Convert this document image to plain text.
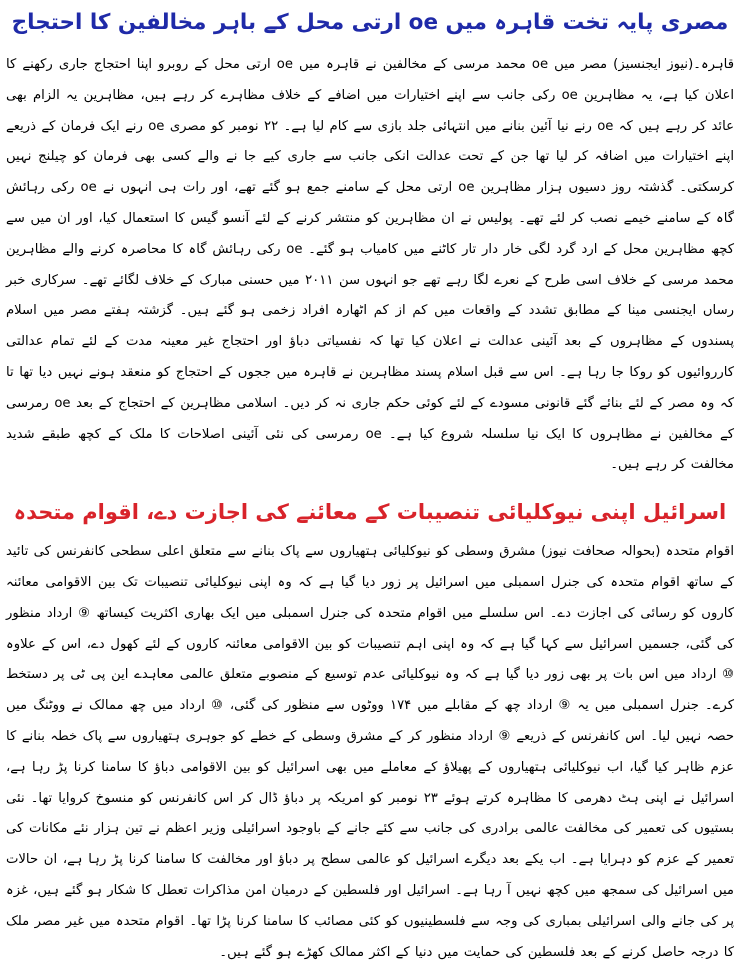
مصری پایہ تخت قاہرہ میں oe ارتی محل کے باہر مخالفین کا احتجاج

قاہرہ۔(نیوز ایجنسیز) مصر میں oe محمد مرسی کے مخالفین نے قاہرہ میں oe ارتی محل کے روبرو اپنا احتجاج جاری رکھنے کا اعلان کیا ہے، یہ مظاہرین oe رکی جانب سے اپنے اختیارات میں اضافے کے خلاف مظاہرے کر رہے ہیں، مظاہرین یہ الزام بھی عائد کر رہے ہیں کہ oe رنے نیا آئین بنانے میں انتہائی جلد بازی سے کام لیا ہے۔ ۲۲ نومبر کو مصری oe رنے ایک فرمان کے ذریعے اپنے اختیارات میں اضافہ کر لیا تھا جن کے تحت عدالت انکی جانب سے جاری کیے جا نے والے کسی بھی فرمان کو چیلنج نہیں کرسکتی۔ گذشتہ روز دسیوں ہزار مظاہرین oe ارتی محل کے سامنے جمع ہو گئے تھے، اور رات ہی انہوں نے oe رکی رہائش گاہ کے سامنے خیمے نصب کر لئے تھے۔ پولیس نے ان مظاہرین کو منتشر کرنے کے لئے آنسو گیس کا استعمال کیا، اور ان میں سے کچھ مظاہرین محل کے ارد گرد لگی خار دار تار کاٹنے میں کامیاب ہو گئے۔ oe رکی رہائش گاہ کا محاصرہ کرنے والے مظاہرین محمد مرسی کے خلاف اسی طرح کے نعرے لگا رہے تھے جو انہوں سن ۲۰۱۱ میں حسنی مبارک کے خلاف لگائے تھے۔ سرکاری خبر رساں ایجنسی مینا کے مطابق تشدد کے واقعات میں کم از کم اٹھارہ افراد زخمی ہو گئے ہیں۔ گزشتہ ہفتے مصر میں اسلام پسندوں کے مظاہروں کے بعد آئینی عدالت نے اعلان کیا تھا کہ نفسیاتی دباؤ اور احتجاج غیر معینہ مدت کے لئے تمام عدالتی کارروائیوں کو روکا جا رہا ہے۔ اس سے قبل اسلام پسند مظاہرین نے قاہرہ میں ججوں کے احتجاج کو منعقد ہونے نہیں دیا تھا تا کہ وہ مصر کے لئے بنائے گئے قانونی مسودے کے لئے کوئی حکم جاری نہ کر دیں۔ اسلامی مظاہرین کے احتجاج کے بعد oe رمرسی کے مخالفین نے مظاہروں کا ایک نیا سلسلہ شروع کیا ہے۔ oe رمرسی کی نئی آئینی اصلاحات کا ملک کے کچھ طبقے شدید مخالفت کر رہے ہیں۔

اسرائیل اپنی نیوکلیائی تنصیبات کے معائنے کی اجازت دے، اقوام متحدہ

اقوام متحدہ (بحوالہ صحافت نیوز) مشرق وسطی کو نیوکلیائی ہتھیاروں سے پاک بنانے سے متعلق اعلی سطحی کانفرنس کی تائید کے ساتھ اقوام متحدہ کی جنرل اسمبلی میں اسرائیل پر زور دیا گیا ہے کہ وہ اپنی نیوکلیائی تنصیبات تک بین الاقوامی معائنہ کاروں کو رسائی کی اجازت دے۔ اس سلسلے میں اقوام متحدہ کی جنرل اسمبلی میں ایک بھاری اکثریت کیساتھ ⑨ ارداد منظور کی گئی، جسمیں اسرائیل سے کہا گیا ہے کہ وہ اپنی اہم تنصیبات کو بین الاقوامی معائنہ کاروں کے لئے کھول دے، اس کے علاوہ ⑩ ارداد میں اس بات پر بھی زور دیا گیا ہے کہ وہ نیوکلیائی عدم توسیع کے منصوبے متعلق عالمی معاہدے این پی ٹی پر دستخط کرے۔ جنرل اسمبلی میں یہ ⑨ ارداد چھ کے مقابلے میں ۱۷۴ ووٹوں سے منظور کی گئی، ⑩ ارداد میں چھ ممالک نے ووٹنگ میں حصہ نہیں لیا۔ اس کانفرنس کے ذریعے ⑨ ارداد منظور کر کے مشرق وسطی کے خطے کو جوہری ہتھیاروں سے پاک خطہ بنانے کا عزم ظاہر کیا گیا، اب نیوکلیائی ہتھیاروں کے پھیلاؤ کے معاملے میں بھی اسرائیل کو بین الاقوامی دباؤ کا سامنا کرنا پڑ رہا ہے، اسرائیل نے اپنی ہٹ دھرمی کا مظاہرہ کرتے ہوئے ۲۳ نومبر کو امریکہ پر دباؤ ڈال کر اس کانفرنس کو منسوخ کروایا تھا۔ نئی بستیوں کی تعمیر کی مخالفت عالمی برادری کی جانب سے کئے جانے کے باوجود اسرائیلی وزیر اعظم نے تین ہزار نئے مکانات کی تعمیر کے عزم کو دہرایا ہے۔ اب یکے بعد دیگرے اسرائیل کو عالمی سطح پر دباؤ اور مخالفت کا سامنا کرنا پڑ رہا ہے، ان حالات میں اسرائیل کی سمجھ میں کچھ نہیں آ رہا ہے۔ اسرائیل اور فلسطین کے درمیان امن مذاکرات تعطل کا شکار ہو گئے ہیں، غزہ پر کی جانے والی اسرائیلی بمباری کی وجہ سے فلسطینیوں کو کئی مصائب کا سامنا کرنا پڑا تھا۔ اقوام متحدہ میں غیر مصر ملک کا درجہ حاصل کرنے کے بعد فلسطین کی حمایت میں دنیا کے اکثر ممالک کھڑے ہو گئے ہیں۔
